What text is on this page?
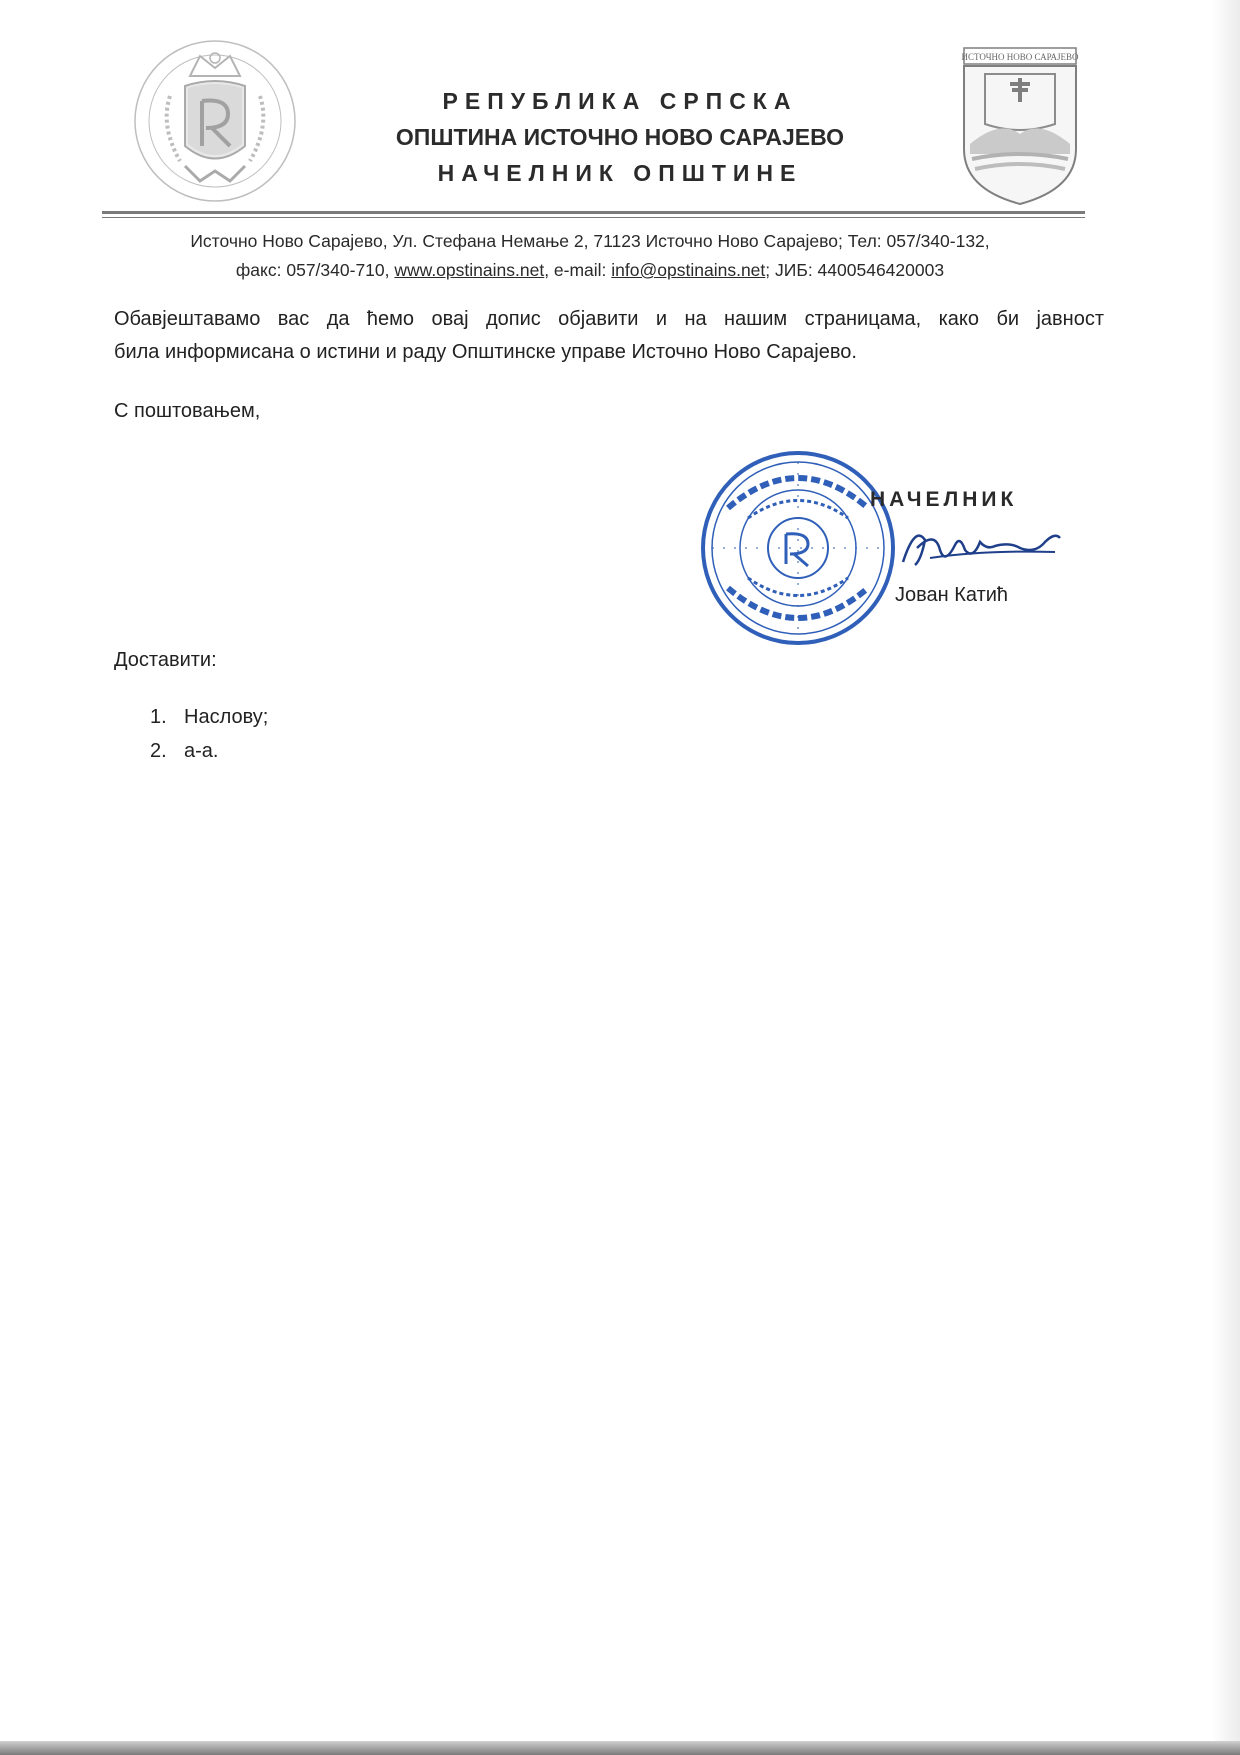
РЕПУБЛИКА СРПСКА
ОПШТИНА ИСТОЧНО НОВО САРАЈЕВО
НАЧЕЛНИК ОПШТИНЕ
ИСТОЧНО НОВО САРАЈЕВО
Источно Ново Сарајево, Ул. Стефана Немање 2, 71123 Источно Ново Сарајево; Тел: 057/340-132,
факс: 057/340-710, www.opstinains.net, e-mail: info@opstinains.net; ЈИБ: 4400546420003
Обавјештавамо вас да ћемо овај допис објавити и на нашим страницама, како би јавност
била информисана о истини и раду Општинске управе Источно Ново Сарајево.
С поштовањем,
НАЧЕЛНИК
Јован Катић
Доставити:
1. Наслову;
2. а-а.
